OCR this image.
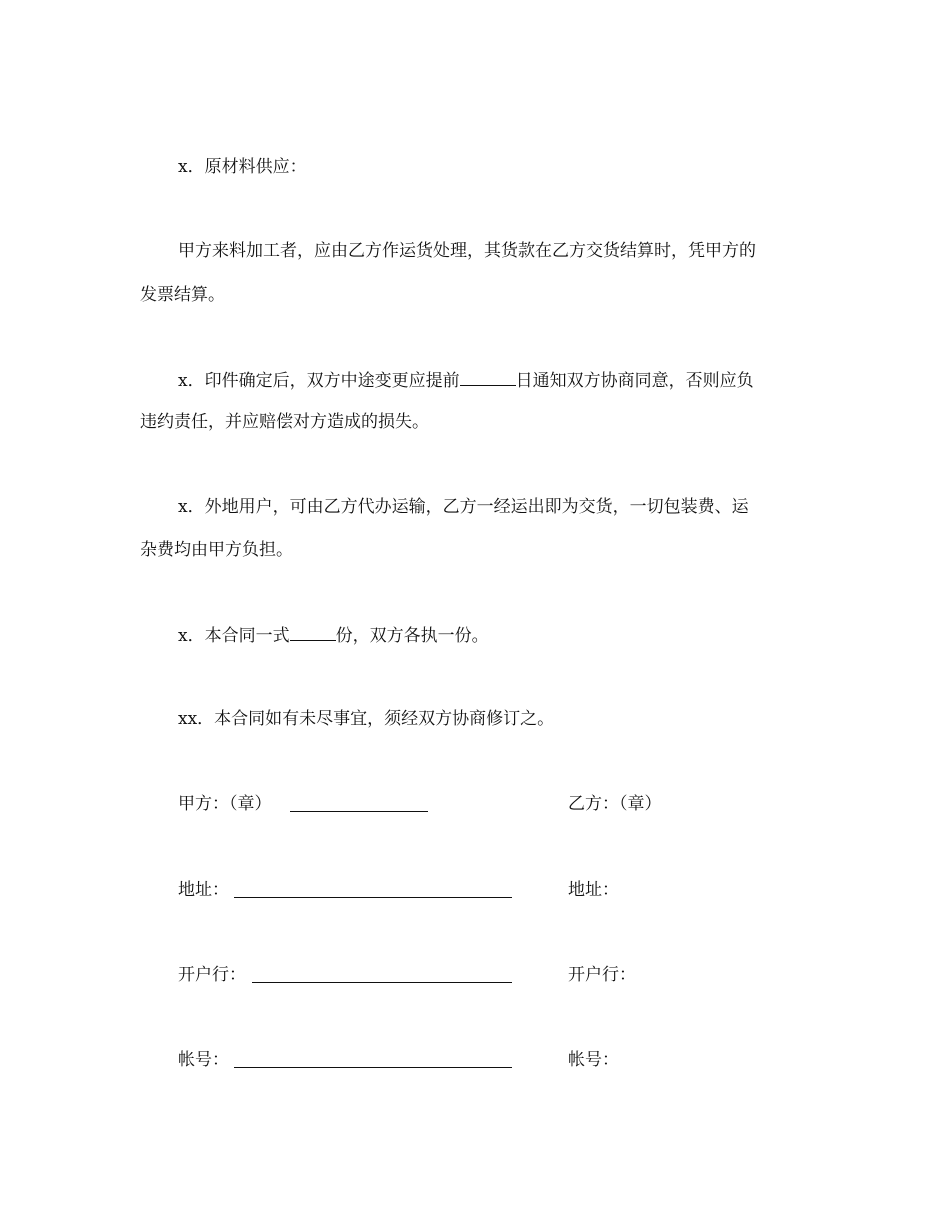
x．原材料供应：
甲方来料加工者，应由乙方作运货处理，其货款在乙方交货结算时，凭甲方的
发票结算。
x．印件确定后，双方中途变更应提前	日通知双方协商同意，否则应负
违约责任，并应赔偿对方造成的损失。
x．外地用户，可由乙方代办运输，乙方一经运出即为交货，一切包装费、运
杂费均由甲方负担。
x．本合同一式	份，双方各执一份。
xx．本合同如有未尽事宜，须经双方协商修订之。
甲方：（章）
地址：
开户行：
帐号：
乙方：（章）
地址：
开户行：
帐号：
